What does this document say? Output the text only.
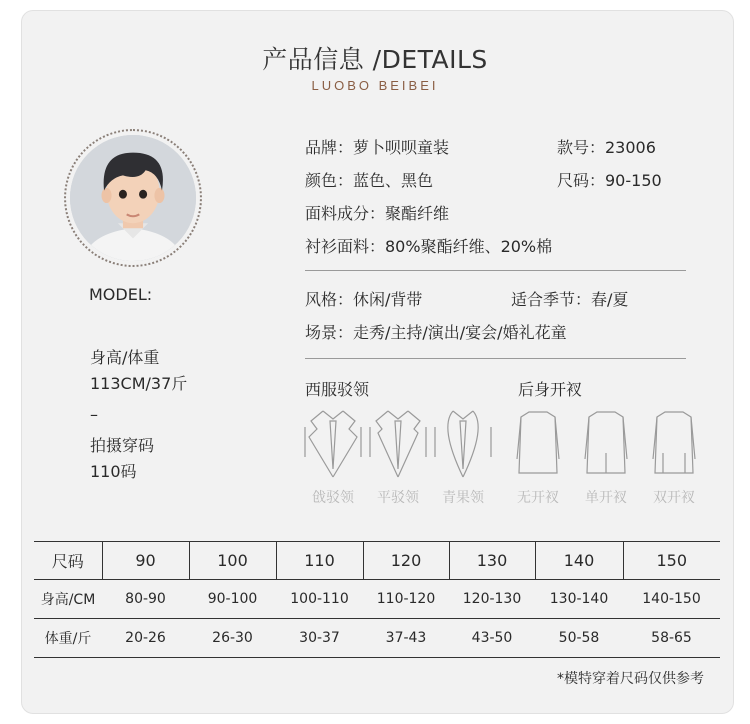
产品信息 /DETAILS
LUOBO BEIBEI
MODEL:
身高/体重
113CM/37斤
–
拍摄穿码
110码
品牌：萝卜呗呗童装	款号：23006
颜色：蓝色、黑色	尺码：90-150
面料成分：聚酯纤维
衬衫面料：80%聚酯纤维、20%棉
风格：休闲/背带	适合季节：春/夏
场景：走秀/主持/演出/宴会/婚礼花童
西服驳领	后身开衩
戗驳领	平驳领	青果领	无开衩	单开衩	双开衩
尺码	90	100	110	120	130	140	150
身高/CM	80-90	90-100	100-110	110-120	120-130	130-140	140-150
体重/斤	20-26	26-30	30-37	37-43	43-50	50-58	58-65
*模特穿着尺码仅供参考
